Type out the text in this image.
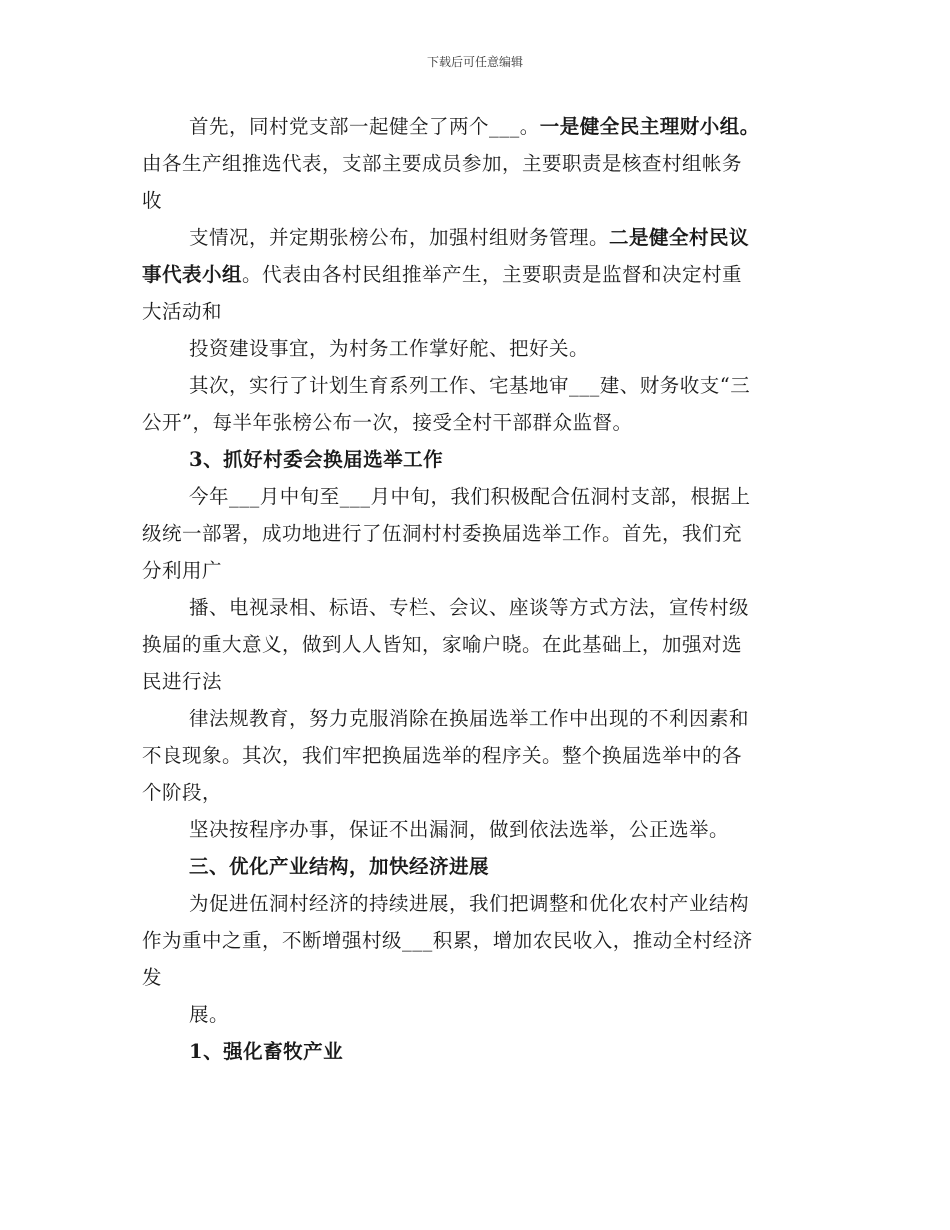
下载后可任意编辑
首先，同村党支部一起健全了两个___。一是健全民主理财小组。
由各生产组推选代表，支部主要成员参加，主要职责是核查村组帐务
收
支情况，并定期张榜公布，加强村组财务管理。二是健全村民议
事代表小组。代表由各村民组推举产生，主要职责是监督和决定村重
大活动和
投资建设事宜，为村务工作掌好舵、把好关。
其次，实行了计划生育系列工作、宅基地审___建、财务收支“三
公开”，每半年张榜公布一次，接受全村干部群众监督。
3、抓好村委会换届选举工作
今年___月中旬至___月中旬，我们积极配合伍洞村支部，根据上
级统一部署，成功地进行了伍洞村村委换届选举工作。首先，我们充
分利用广
播、电视录相、标语、专栏、会议、座谈等方式方法，宣传村级
换届的重大意义，做到人人皆知，家喻户晓。在此基础上，加强对选
民进行法
律法规教育，努力克服消除在换届选举工作中出现的不利因素和
不良现象。其次，我们牢把换届选举的程序关。整个换届选举中的各
个阶段，
坚决按程序办事，保证不出漏洞，做到依法选举，公正选举。
三、优化产业结构，加快经济进展
为促进伍洞村经济的持续进展，我们把调整和优化农村产业结构
作为重中之重，不断增强村级___积累，增加农民收入，推动全村经济
发
展。
1、强化畜牧产业
